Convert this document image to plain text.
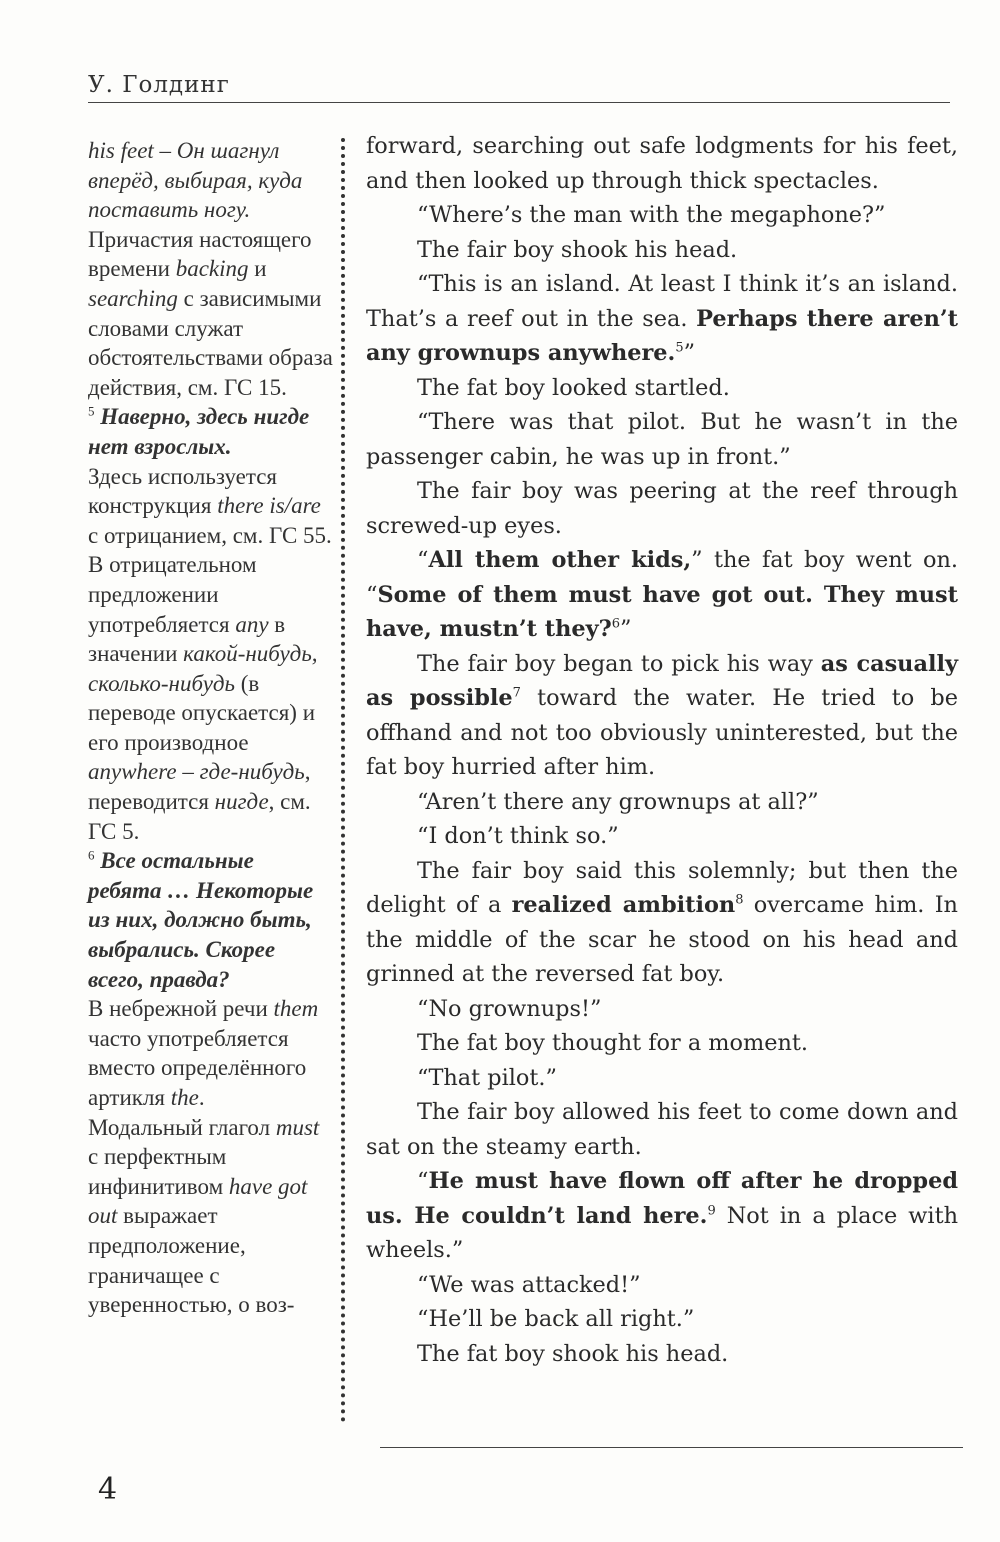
У. Голдинг

his feet – Он шагнул вперёд, выбирая, куда поставить ногу. Причастия настоящего времени backing и searching с зависимыми словами служат обстоятельствами образа действия, см. ГС 15.

$^5$ Наверно, здесь нигде нет взрослых.

Здесь используется конструкция there is/are с отрицанием, см. ГС 55.

В отрицательном предложении употребляется any в значении какой-нибудь, сколько-нибудь (в переводе опускается) и его производное anywhere – где-нибудь, переводится нигде, см. ГС 5.

$^6$ Все остальные ребята … Некоторые из них, должно быть, выбрались. Скорее всего, правда?

В небрежной речи them часто употребляется вместо определённого артикля the.

Модальный глагол must с перфектным инфинитивом have got out выражает предположение, граничащее с уверенностью, о воз-

forward, searching out safe lodgments for his feet, and then looked up through thick spectacles.

“Where’s the man with the megaphone?”

The fair boy shook his head.

“This is an island. At least I think it’s an island. That’s a reef out in the sea. Perhaps there aren’t any grownups anywhere.$^5$”

The fat boy looked startled.

“There was that pilot. But he wasn’t in the passenger cabin, he was up in front.”

The fair boy was peering at the reef through screwed-up eyes.

“All them other kids,” the fat boy went on. “Some of them must have got out. They must have, mustn’t they?$^6$”

The fair boy began to pick his way as casually as possible$^7$ toward the water. He tried to be offhand and not too obviously uninterested, but the fat boy hurried after him.

“Aren’t there any grownups at all?”

“I don’t think so.”

The fair boy said this solemnly; but then the delight of a realized ambition$^8$ overcame him. In the middle of the scar he stood on his head and grinned at the reversed fat boy.

“No grownups!”

The fat boy thought for a moment.

“That pilot.”

The fair boy allowed his feet to come down and sat on the steamy earth.

“He must have flown off after he dropped us. He couldn’t land here.$^9$ Not in a place with wheels.”

“We was attacked!”

“He’ll be back all right.”

The fat boy shook his head.

4
